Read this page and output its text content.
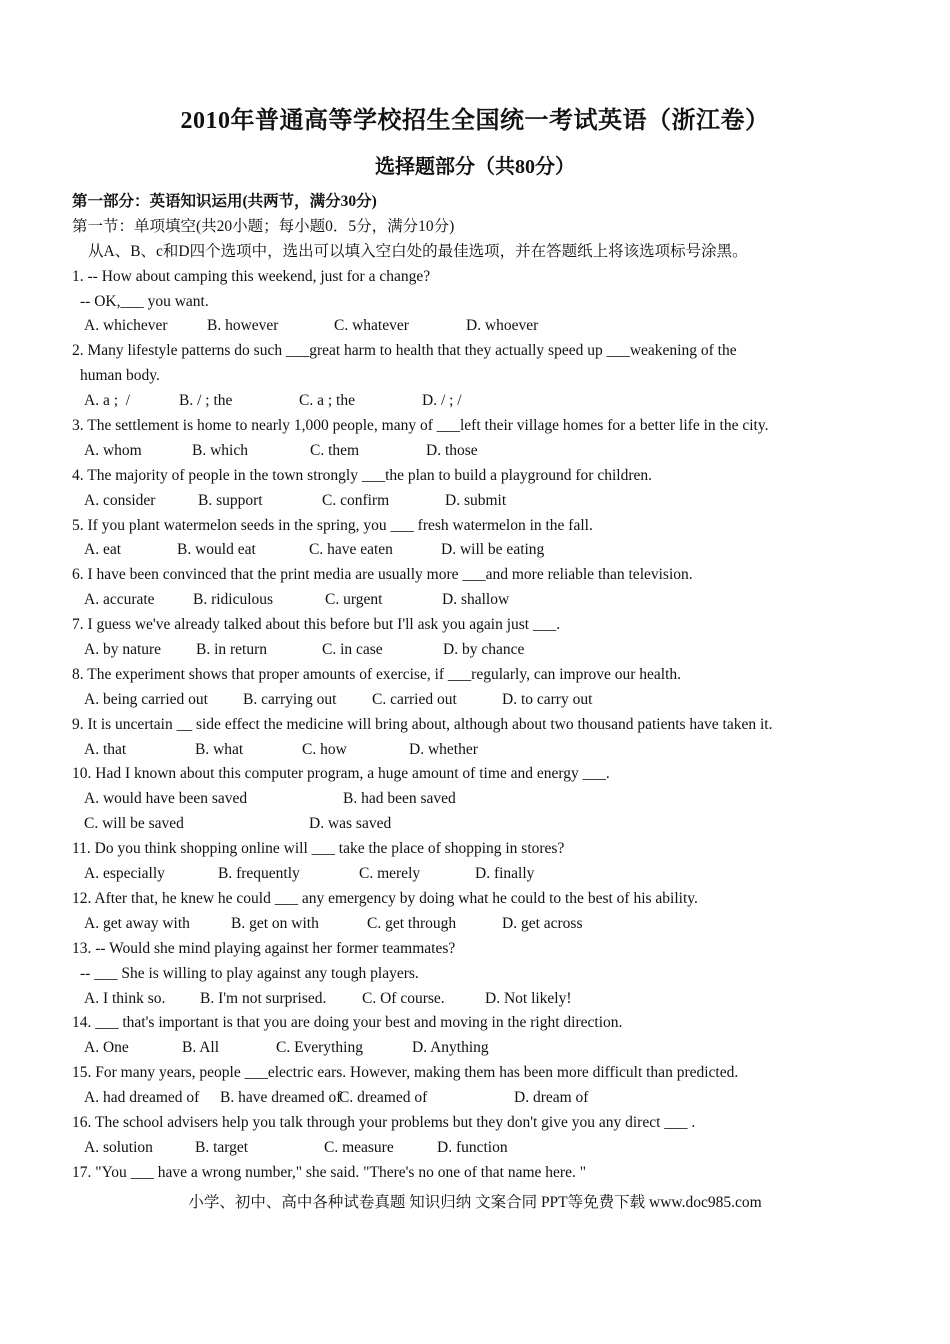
2010年普通高等学校招生全国统一考试英语（浙江卷）
选择题部分（共80分）
第一部分：英语知识运用(共两节，满分30分)
第一节：单项填空(共20小题；每小题0．5分，满分10分)
从A、B、c和D四个选项中，选出可以填入空白处的最佳选项，并在答题纸上将该选项标号涂黑。
1. -- How about camping this weekend, just for a change?
-- OK,___ you want.
A. whichever	B. however	C. whatever	D. whoever
2. Many lifestyle patterns do such ___great harm to health that they actually speed up ___weakening of the
human body.
A. a ;  /	B. / ; the	C. a ; the	D. / ; /
3. The settlement is home to nearly 1,000 people, many of ___left their village homes for a better life in the city.
A. whom	B. which	C. them	D. those
4. The majority of people in the town strongly ___the plan to build a playground for children.
A. consider	B. support	C. confirm	D. submit
5. If you plant watermelon seeds in the spring, you ___ fresh watermelon in the fall.
A. eat	B. would eat	C. have eaten	D. will be eating
6. I have been convinced that the print media are usually more ___and more reliable than television.
A. accurate B. ridiculous	C. urgent	D. shallow
7. I guess we've already talked about this before but I'll ask you again just ___.
A. by nature B. in return	C. in case	D. by chance
8. The experiment shows that proper amounts of exercise, if ___regularly, can improve our health.
A. being carried out B. carrying out C. carried out	D. to carry out
9. It is uncertain __ side effect the medicine will bring about, although about two thousand patients have taken it.
A. that	B. what	C. how	D. whether
10. Had I known about this computer program, a huge amount of time and energy ___.
A. would have been saved	B. had been saved
C. will be saved	D. was saved
11. Do you think shopping online will ___ take the place of shopping in stores?
A. especially	B. frequently	C. merely	D. finally
12. After that, he knew he could ___ any emergency by doing what he could to the best of his ability.
A. get away with	B. get on with	C. get through	D. get across
13. -- Would she mind playing against her former teammates?
-- ___ She is willing to play against any tough players.
A. I think so. B. I'm not surprised. C. Of course.	D. Not likely!
14. ___ that's important is that you are doing your best and moving in the right direction.
A. One	B. All	C. Everything	D. Anything
15. For many years, people ___electric ears. However, making them has been more difficult than predicted.
A. had dreamed of B. have dreamed of
C. dreamed of	D. dream of
16. The school advisers help you talk through your problems but they don't give you any direct ___ .
A. solution	B. target	C. measure	D. function
17. "You ___ have a wrong number," she said. "There's no one of that name here. "
小学、初中、高中各种试卷真题 知识归纳 文案合同 PPT等免费下载 www.doc985.com
